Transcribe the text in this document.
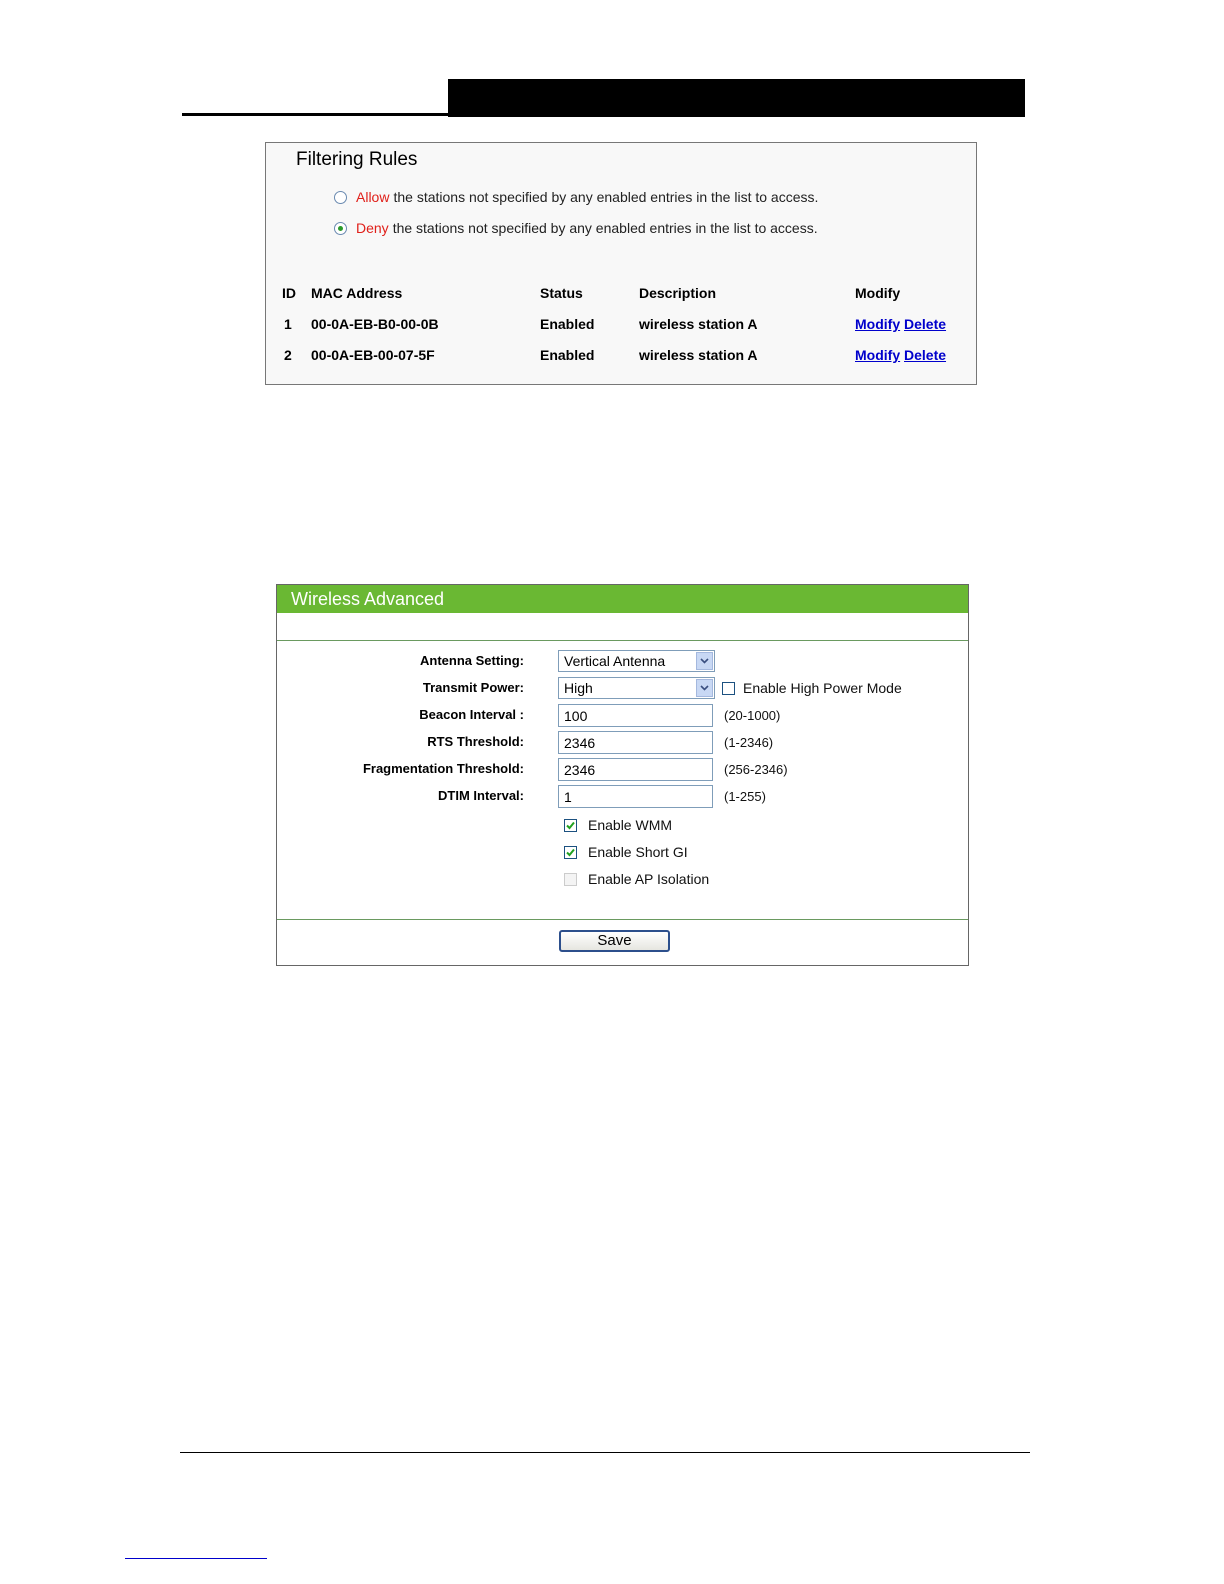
Filtering Rules
Allow the stations not specified by any enabled entries in the list to access.
Deny the stations not specified by any enabled entries in the list to access.
ID MAC Address	Status	Description	Modify
1 00-0A-EB-B0-00-0B	Enabled	wireless station A	Modify Delete
2 00-0A-EB-00-07-5F	Enabled	wireless station A	Modify Delete
Wireless Advanced
Antenna Setting:	Vertical Antenna
Transmit Power:	High	Enable High Power Mode
Beacon Interval :
100	(20-1000)
RTS Threshold:
2346	(1-2346)
Fragmentation Threshold:
2346	(256-2346)
DTIM Interval:
1	(1-255)
Enable WMM
Enable Short GI
Enable AP Isolation
Save
